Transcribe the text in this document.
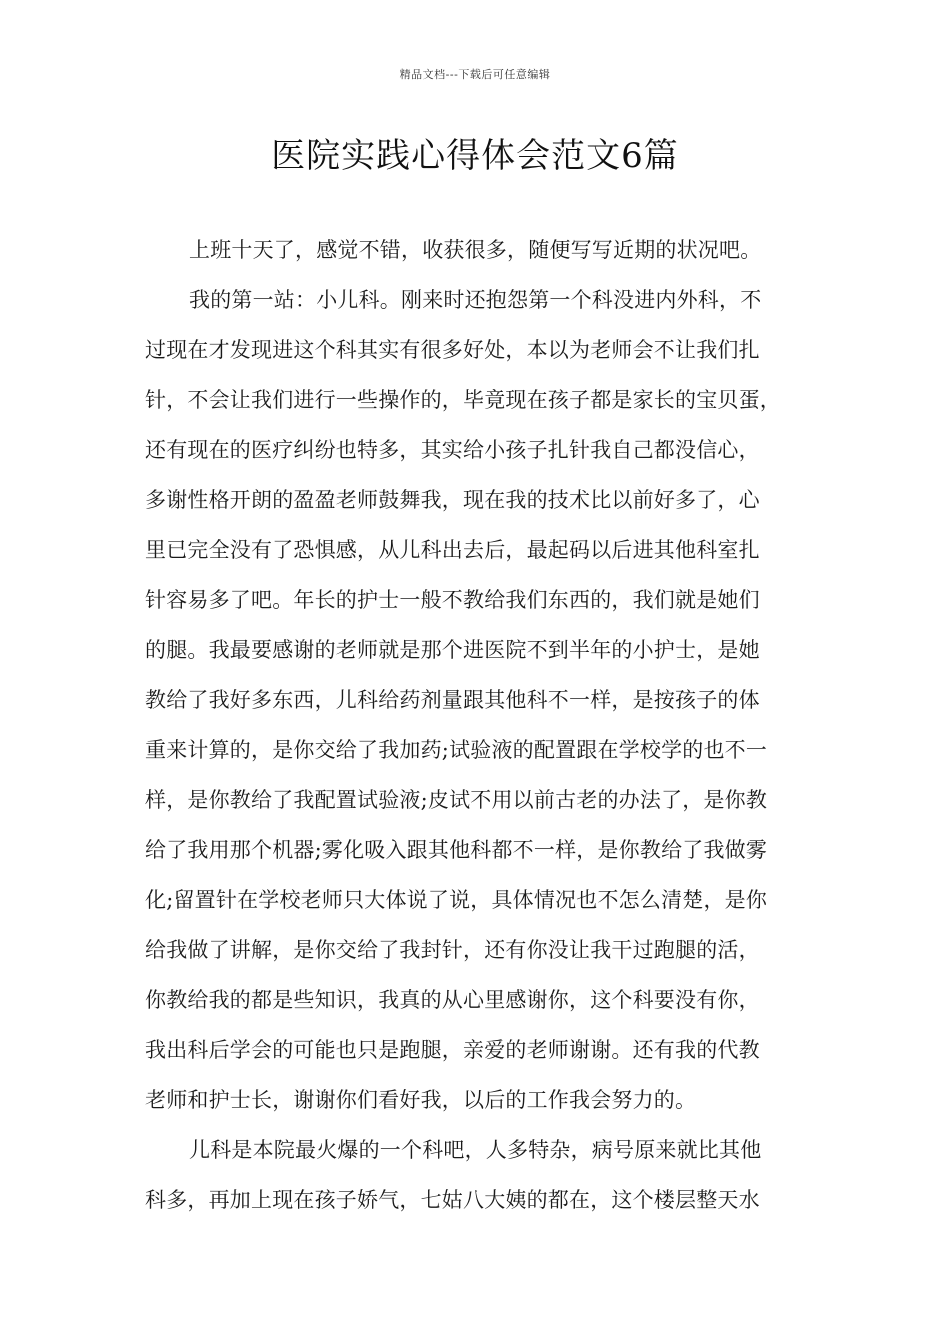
精品文档---下载后可任意编辑
医院实践心得体会范文6篇
上班十天了，感觉不错，收获很多，随便写写近期的状况吧。
我的第一站：小儿科。刚来时还抱怨第一个科没进内外科，不
过现在才发现进这个科其实有很多好处，本以为老师会不让我们扎
针，不会让我们进行一些操作的，毕竟现在孩子都是家长的宝贝蛋，
还有现在的医疗纠纷也特多，其实给小孩子扎针我自己都没信心，
多谢性格开朗的盈盈老师鼓舞我，现在我的技术比以前好多了，心
里已完全没有了恐惧感，从儿科出去后，最起码以后进其他科室扎
针容易多了吧。年长的护士一般不教给我们东西的，我们就是她们
的腿。我最要感谢的老师就是那个进医院不到半年的小护士，是她
教给了我好多东西，儿科给药剂量跟其他科不一样，是按孩子的体
重来计算的，是你交给了我加药;试验液的配置跟在学校学的也不一
样，是你教给了我配置试验液;皮试不用以前古老的办法了，是你教
给了我用那个机器;雾化吸入跟其他科都不一样，是你教给了我做雾
化;留置针在学校老师只大体说了说，具体情况也不怎么清楚，是你
给我做了讲解，是你交给了我封针，还有你没让我干过跑腿的活，
你教给我的都是些知识，我真的从心里感谢你，这个科要没有你，
我出科后学会的可能也只是跑腿，亲爱的老师谢谢。还有我的代教
老师和护士长，谢谢你们看好我，以后的工作我会努力的。
儿科是本院最火爆的一个科吧，人多特杂，病号原来就比其他
科多，再加上现在孩子娇气，七姑八大姨的都在，这个楼层整天水
